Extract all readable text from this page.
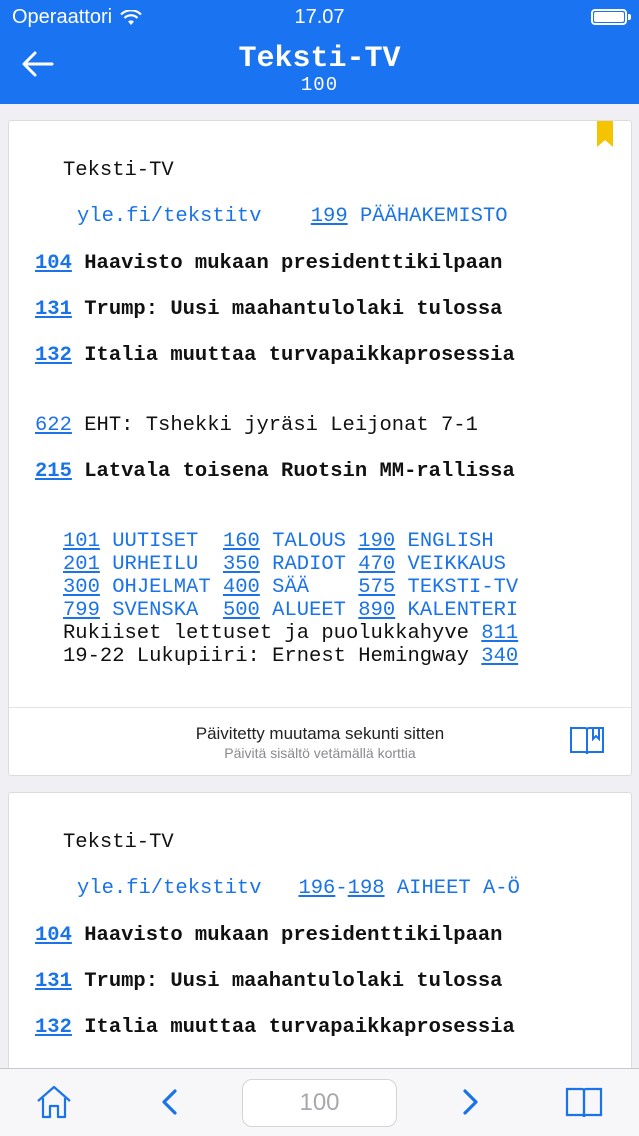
Operaattori	17.07
Teksti-TV
100
Teksti-TV
yle.fi/tekstitv 199 PÄÄHAKEMISTO
104 Haavisto mukaan presidenttikilpaan
131 Trump: Uusi maahantulolaki tulossa
132 Italia muuttaa turvapaikkaprosessia
622 EHT: Tshekki jyräsi Leijonat 7-1
215 Latvala toisena Ruotsin MM-rallissa
101 UUTISET 160 TALOUS 190 ENGLISH
201 URHEILU 350 RADIOT 470 VEIKKAUS
300 OHJELMAT 400 SÄÄ 575 TEKSTI-TV
799 SVENSKA 500 ALUEET 890 KALENTERI
Rukiiset lettuset ja puolukkahyve 811
19-22 Lukupiiri: Ernest Hemingway 340
Päivitetty muutama sekunti sitten
Päivitä sisältö vetämällä korttia
Teksti-TV
yle.fi/tekstitv 196-198 AIHEET A-Ö
104 Haavisto mukaan presidenttikilpaan
131 Trump: Uusi maahantulolaki tulossa
132 Italia muuttaa turvapaikkaprosessia
100
